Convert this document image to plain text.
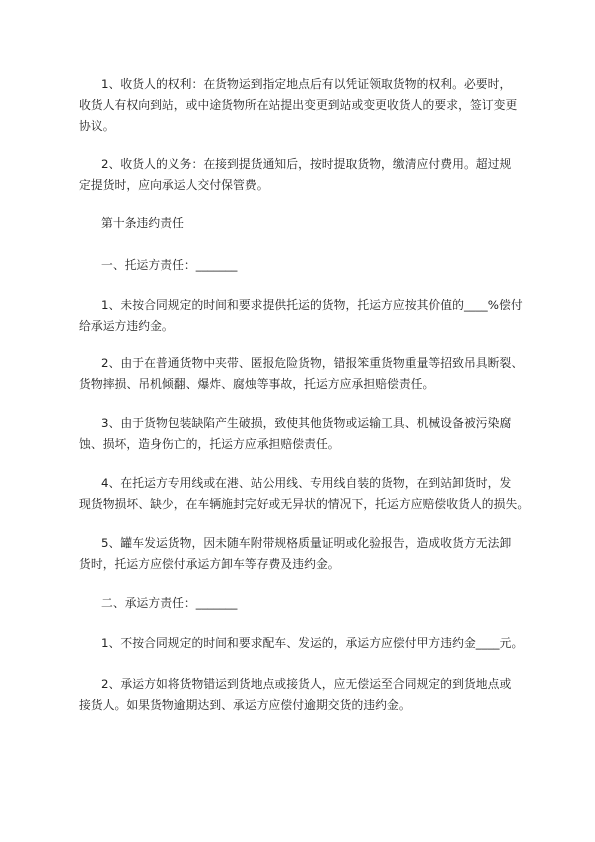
1、收货人的权利：在货物运到指定地点后有以凭证领取货物的权利。必要时，
收货人有权向到站，或中途货物所在站提出变更到站或变更收货人的要求，签订变更
协议。
2、收货人的义务：在接到提货通知后，按时提取货物，缴清应付费用。超过规
定提货时，应向承运人交付保管费。
第十条违约责任
一、托运方责任：_______
1、未按合同规定的时间和要求提供托运的货物，托运方应按其价值的____%偿付
给承运方违约金。
2、由于在普通货物中夹带、匿报危险货物，错报笨重货物重量等招致吊具断裂、
货物摔损、吊机倾翻、爆炸、腐烛等事故，托运方应承担赔偿责任。
3、由于货物包装缺陷产生破损，致使其他货物或运输工具、机械设备被污染腐
蚀、损坏，造身伤亡的，托运方应承担赔偿责任。
4、在托运方专用线或在港、站公用线、专用线自装的货物，在到站卸货时，发
现货物损坏、缺少，在车辆施封完好或无异状的情况下，托运方应赔偿收货人的损失。
5、罐车发运货物，因未随车附带规格质量证明或化验报告，造成收货方无法卸
货时，托运方应偿付承运方卸车等存费及违约金。
二、承运方责任：_______
1、不按合同规定的时间和要求配车、发运的，承运方应偿付甲方违约金____元。
2、承运方如将货物错运到货地点或接货人，应无偿运至合同规定的到货地点或
接货人。如果货物逾期达到、承运方应偿付逾期交货的违约金。
